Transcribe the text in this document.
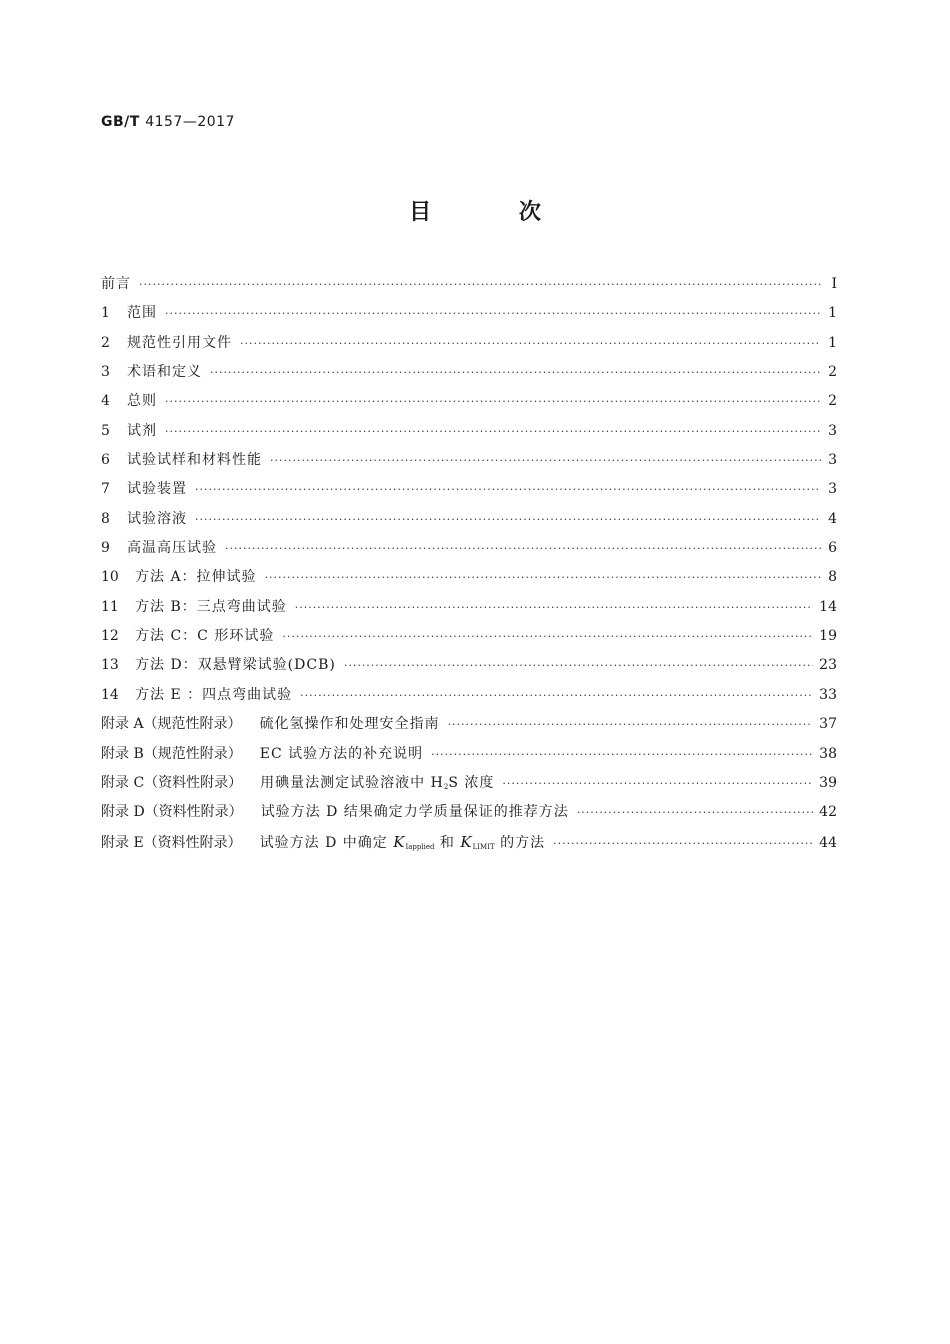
GB/T 4157—2017
目 次
前言 ·····	Ⅰ
1	范围 ·····	1
2	规范性引用文件 ·····	1
3	术语和定义 ·····	2
4	总则 ·····	2
5	试剂 ·····	3
6	试验试样和材料性能 ·····	3
7	试验装置 ·····	3
8	试验溶液 ·····	4
9	高温高压试验 ·····	6
10	方法 A：拉伸试验 ·····	8
11	方法 B：三点弯曲试验 ·····	14
12	方法 C：C 形环试验 ·····	19
13	方法 D：双悬臂梁试验(DCB) ·····	23
14	方法 E ：四点弯曲试验 ·····	33
附录 A（规范性附录） 硫化氢操作和处理安全指南 ·····	37
附录 B（规范性附录） EC 试验方法的补充说明 ·····	38
附录 C（资料性附录） 用碘量法测定试验溶液中 $H_2S$ 浓度 ·····	39
附录 D（资料性附录） 试验方法 D 结果确定力学质量保证的推荐方法 ·····	42
附录 E（资料性附录） 试验方法 D 中确定 KIapplied 和 KLIMIT 的方法 ·····	44
